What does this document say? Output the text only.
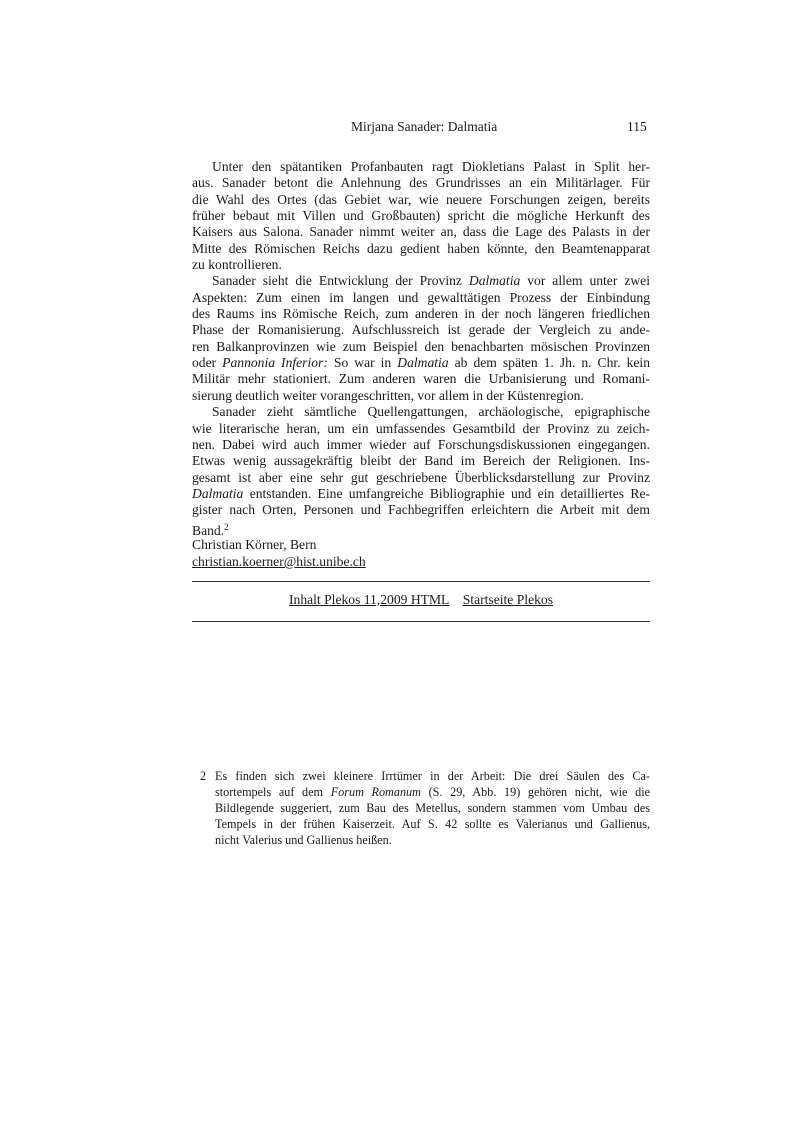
Mirjana Sanader: Dalmatia	115
Unter den spätantiken Profanbauten ragt Diokletians Palast in Split her-
aus. Sanader betont die Anlehnung des Grundrisses an ein Militärlager. Für
die Wahl des Ortes (das Gebiet war, wie neuere Forschungen zeigen, bereits
früher bebaut mit Villen und Großbauten) spricht die mögliche Herkunft des
Kaisers aus Salona. Sanader nimmt weiter an, dass die Lage des Palasts in der
Mitte des Römischen Reichs dazu gedient haben könnte, den Beamtenapparat
zu kontrollieren.
Sanader sieht die Entwicklung der Provinz Dalmatia vor allem unter zwei
Aspekten: Zum einen im langen und gewalttätigen Prozess der Einbindung
des Raums ins Römische Reich, zum anderen in der noch längeren friedlichen
Phase der Romanisierung. Aufschlussreich ist gerade der Vergleich zu ande-
ren Balkanprovinzen wie zum Beispiel den benachbarten mösischen Provinzen
oder Pannonia Inferior: So war in Dalmatia ab dem späten 1. Jh. n. Chr. kein
Militär mehr stationiert. Zum anderen waren die Urbanisierung und Romani-
sierung deutlich weiter vorangeschritten, vor allem in der Küstenregion.
Sanader zieht sämtliche Quellengattungen, archäologische, epigraphische
wie literarische heran, um ein umfassendes Gesamtbild der Provinz zu zeich-
nen. Dabei wird auch immer wieder auf Forschungsdiskussionen eingegangen.
Etwas wenig aussagekräftig bleibt der Band im Bereich der Religionen. Ins-
gesamt ist aber eine sehr gut geschriebene Überblicksdarstellung zur Provinz
Dalmatia entstanden. Eine umfangreiche Bibliographie und ein detailliertes Re-
gister nach Orten, Personen und Fachbegriffen erleichtern die Arbeit mit dem
Band.$^2$
Christian Körner, Bern
christian.koerner@hist.unibe.ch
Inhalt Plekos 11,2009 HTML Startseite Plekos
2 Es finden sich zwei kleinere Irrtümer in der Arbeit: Die drei Säulen des Ca-
stortempels auf dem Forum Romanum (S. 29, Abb. 19) gehören nicht, wie die
Bildlegende suggeriert, zum Bau des Metellus, sondern stammen vom Umbau des
Tempels in der frühen Kaiserzeit. Auf S. 42 sollte es Valerianus und Gallienus,
nicht Valerius und Gallienus heißen.
